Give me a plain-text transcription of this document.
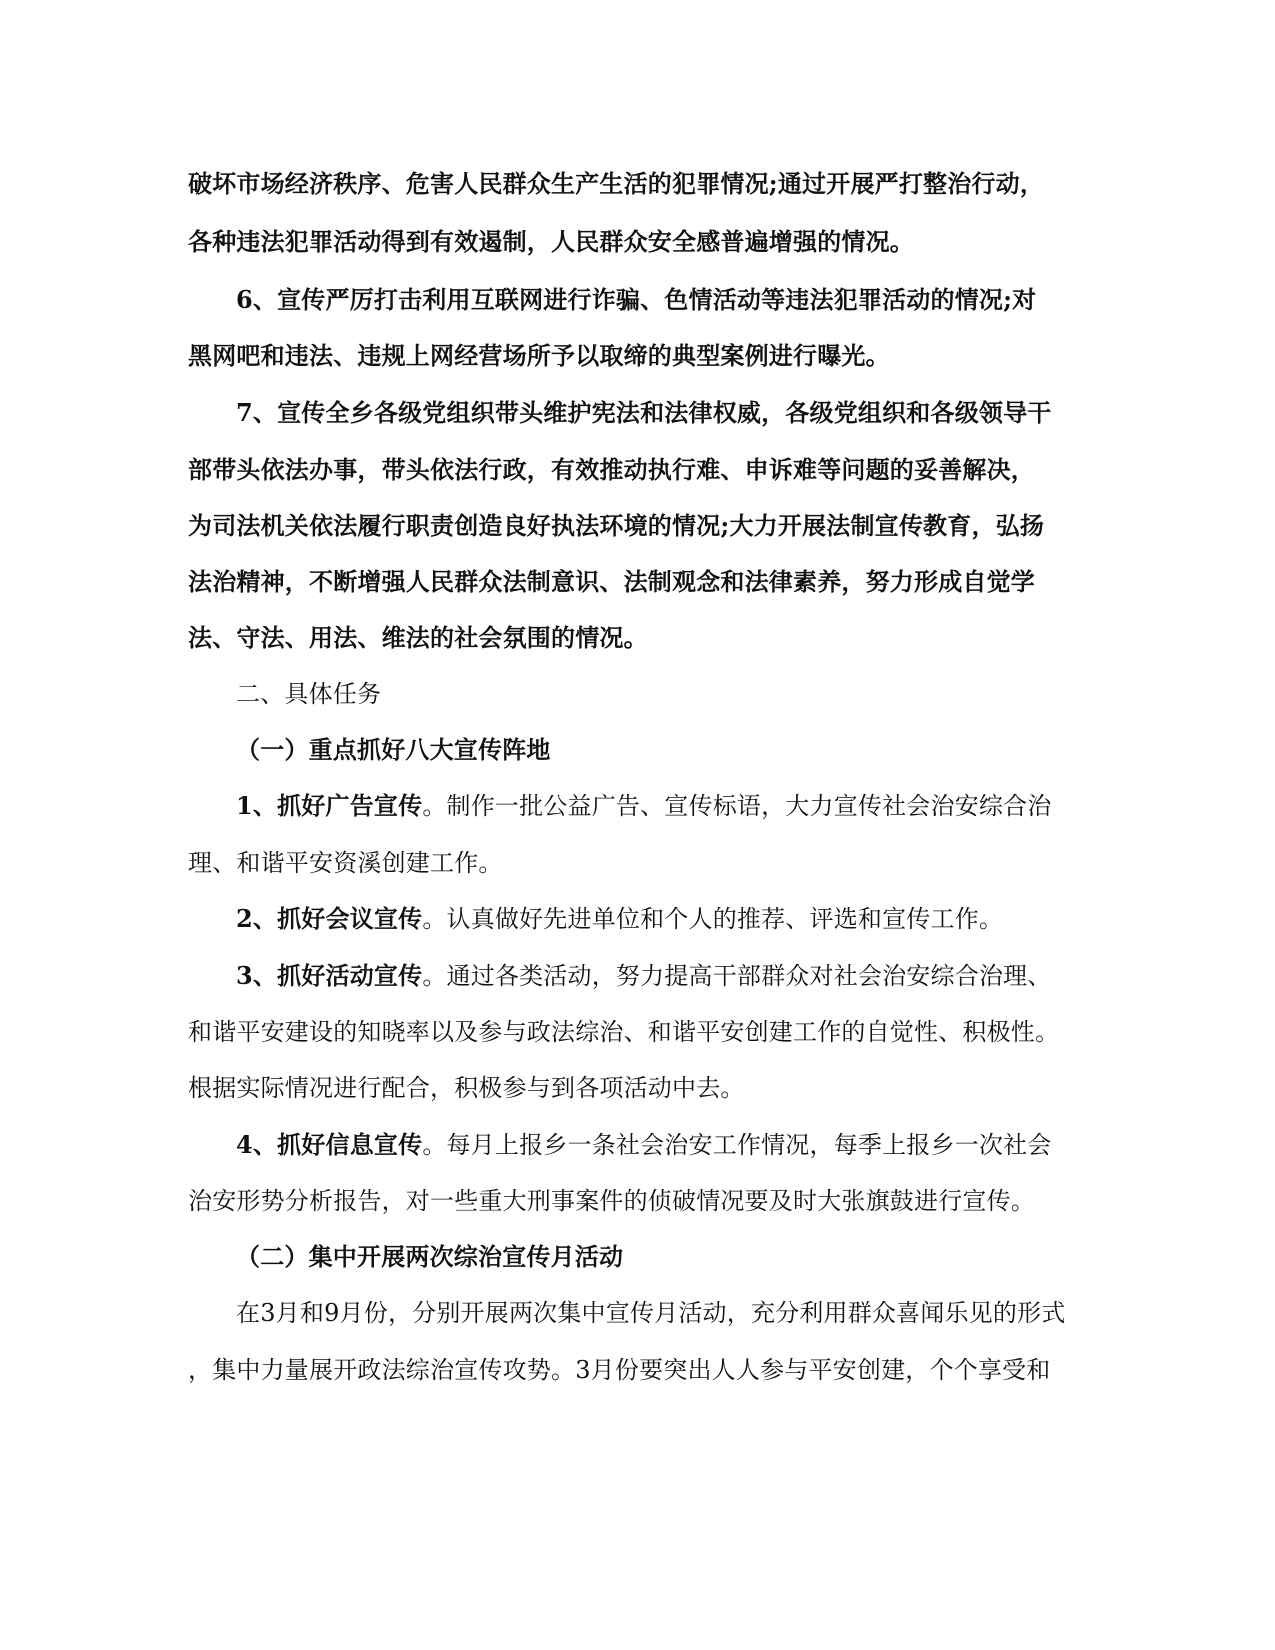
破坏市场经济秩序、危害人民群众生产生活的犯罪情况;通过开展严打整治行动，
各种违法犯罪活动得到有效遏制，人民群众安全感普遍增强的情况。
6、宣传严厉打击利用互联网进行诈骗、色情活动等违法犯罪活动的情况;对
黑网吧和违法、违规上网经营场所予以取缔的典型案例进行曝光。
7、宣传全乡各级党组织带头维护宪法和法律权威，各级党组织和各级领导干
部带头依法办事，带头依法行政，有效推动执行难、申诉难等问题的妥善解决，
为司法机关依法履行职责创造良好执法环境的情况;大力开展法制宣传教育，弘扬
法治精神，不断增强人民群众法制意识、法制观念和法律素养，努力形成自觉学
法、守法、用法、维法的社会氛围的情况。
二、具体任务
（一）重点抓好八大宣传阵地
1、抓好广告宣传。制作一批公益广告、宣传标语，大力宣传社会治安综合治
理、和谐平安资溪创建工作。
2、抓好会议宣传。认真做好先进单位和个人的推荐、评选和宣传工作。
3、抓好活动宣传。通过各类活动，努力提高干部群众对社会治安综合治理、
和谐平安建设的知晓率以及参与政法综治、和谐平安创建工作的自觉性、积极性。
根据实际情况进行配合，积极参与到各项活动中去。
4、抓好信息宣传。每月上报乡一条社会治安工作情况，每季上报乡一次社会
治安形势分析报告，对一些重大刑事案件的侦破情况要及时大张旗鼓进行宣传。
（二）集中开展两次综治宣传月活动
在3月和9月份，分别开展两次集中宣传月活动，充分利用群众喜闻乐见的形式
，集中力量展开政法综治宣传攻势。3月份要突出人人参与平安创建，个个享受和
